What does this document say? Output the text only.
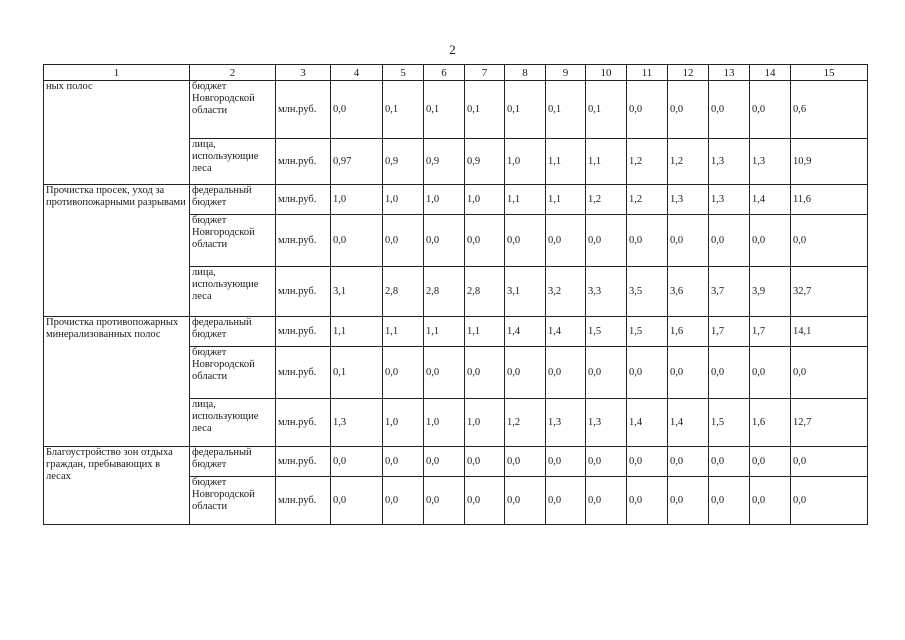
2
1	2	3	4	5	6	7	8	9	10	11	12	13	14	15
ных полос	бюджет Новгородской области	млн.руб.	0,0	0,1	0,1	0,1	0,1	0,1	0,1	0,0	0,0	0,0	0,0	0,6
	лица, использующие леса	млн.руб.	0,97	0,9	0,9	0,9	1,0	1,1	1,1	1,2	1,2	1,3	1,3	10,9
Прочистка просек, уход за противопожарными разрывами	федеральный бюджет	млн.руб.	1,0	1,0	1,0	1,0	1,1	1,1	1,2	1,2	1,3	1,3	1,4	11,6
	бюджет Новгородской области	млн.руб.	0,0	0,0	0,0	0,0	0,0	0,0	0,0	0,0	0,0	0,0	0,0	0,0
	лица, использующие леса	млн.руб.	3,1	2,8	2,8	2,8	3,1	3,2	3,3	3,5	3,6	3,7	3,9	32,7
Прочистка противопожарных минерализованных полос	федеральный бюджет	млн.руб.	1,1	1,1	1,1	1,1	1,4	1,4	1,5	1,5	1,6	1,7	1,7	14,1
	бюджет Новгородской области	млн.руб.	0,1	0,0	0,0	0,0	0,0	0,0	0,0	0,0	0,0	0,0	0,0	0,0
	лица, использующие леса	млн.руб.	1,3	1,0	1,0	1,0	1,2	1,3	1,3	1,4	1,4	1,5	1,6	12,7
Благоустройство зон отдыха граждан, пребывающих в лесах	федеральный бюджет	млн.руб.	0,0	0,0	0,0	0,0	0,0	0,0	0,0	0,0	0,0	0,0	0,0	0,0
	бюджет Новгородской области	млн.руб.	0,0	0,0	0,0	0,0	0,0	0,0	0,0	0,0	0,0	0,0	0,0	0,0
